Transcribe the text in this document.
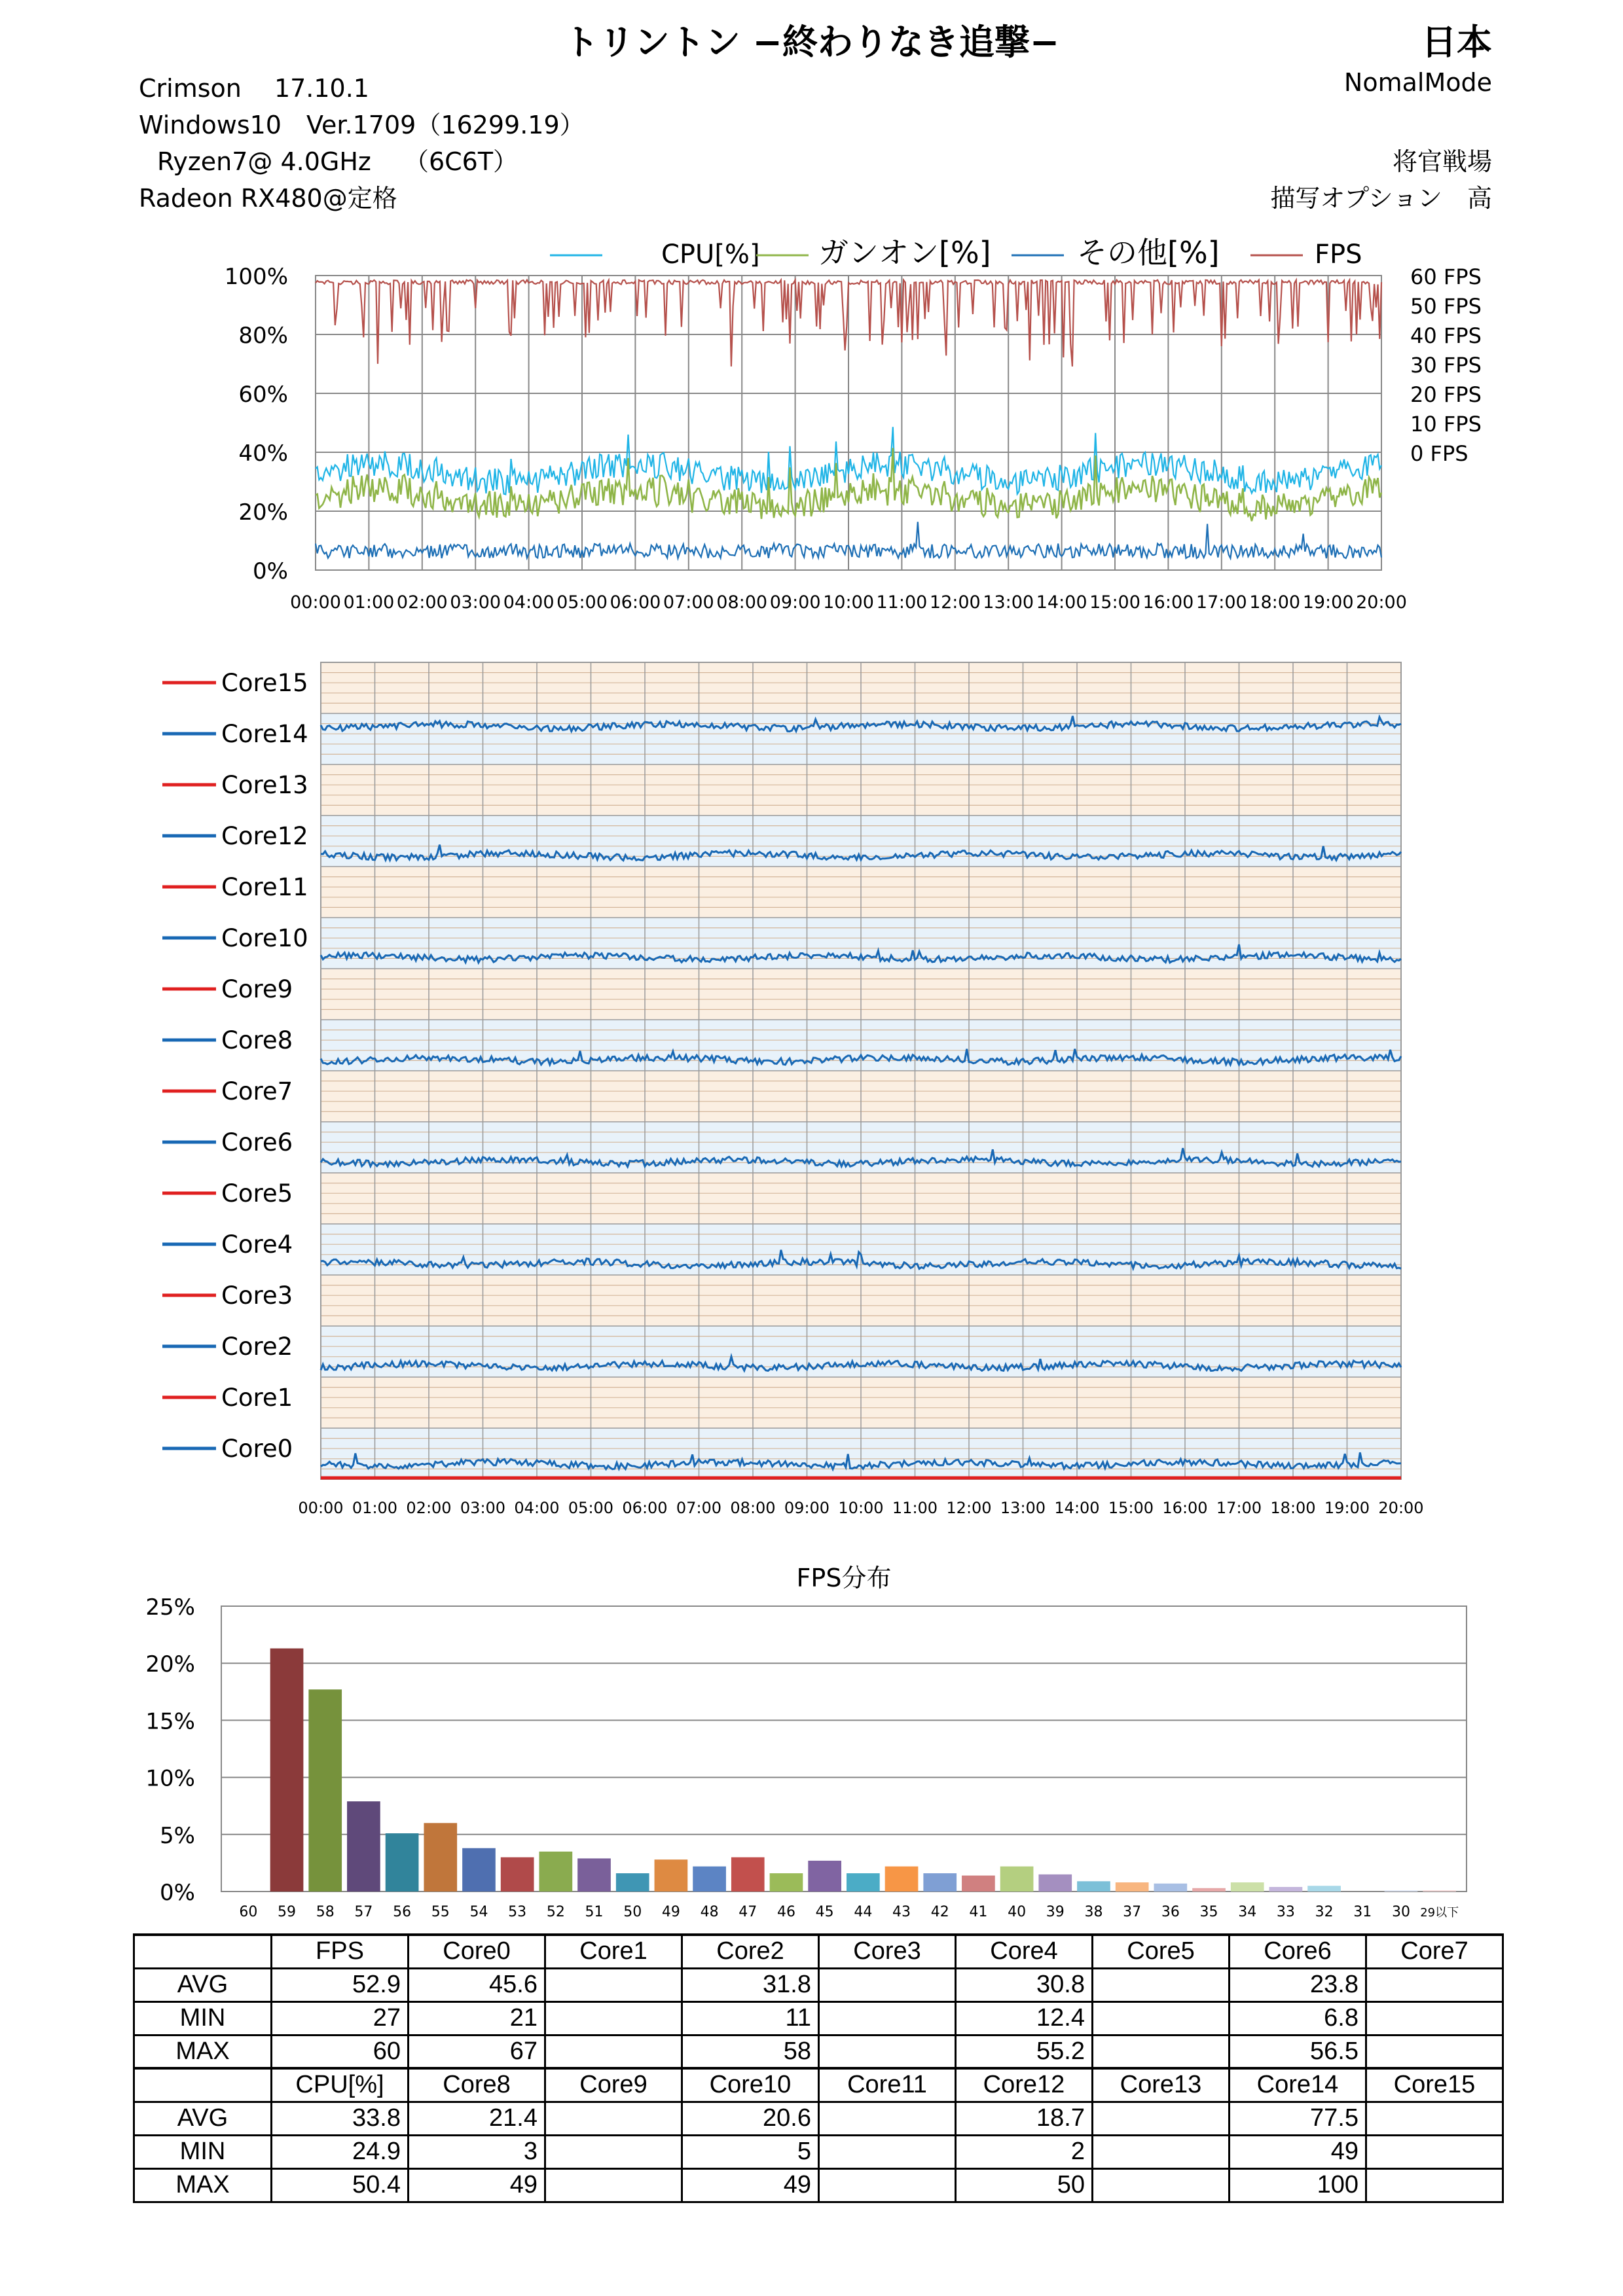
トリントン −終わりなき追撃−	日本
Crimson　 17.10.1
Windows10　Ver.1709（16299.19）
Ryzen7@ 4.0GHz　 （6C6T）
Radeon RX480@定格
NomalMode
将官戦場
描写オプション　高
100%
80%
60%
40%
20%
0%
00:00 01:00 02:00 03:00 04:00 05:00 06:00 07:00 08:00 09:00 10:00 11:00 12:00 13:00 14:00 15:00 16:00 17:00 18:00 19:00 20:00
60 FPS
50 FPS
40 FPS
30 FPS
20 FPS
10 FPS
0 FPS
CPU[%] ガンオン[%]	その他[%]	FPS
Core15
Core14
Core13
Core12
Core11
Core10
Core9
Core8
Core7
Core6
Core5
Core4
Core3
Core2
Core1
Core0
00:00 01:00 02:00 03:00 04:00 05:00 06:00 07:00 08:00 09:00 10:00 11:00 12:00 13:00 14:00 15:00 16:00 17:00 18:00 19:00 20:00
FPS分布
25%
20%
15%
10%
5%
0%
60 59 58 57 56 55 54 53 52 51 50 49 48 47 46 45 44 43 42 41 40 39 38 37 36 35 34 33 32 31 30 29以下
	FPS	Core0	Core1	Core2	Core3	Core4	Core5	Core6	Core7
AVG	52.9	45.6		31.8		30.8		23.8	
MIN	27	21		11		12.4		6.8	
MAX	60	67		58		55.2		56.5	
	CPU[%]	Core8	Core9	Core10	Core11	Core12	Core13	Core14	Core15
AVG	33.8	21.4		20.6		18.7		77.5	
MIN	24.9	3		5		2		49	
MAX	50.4	49		49		50		100	
